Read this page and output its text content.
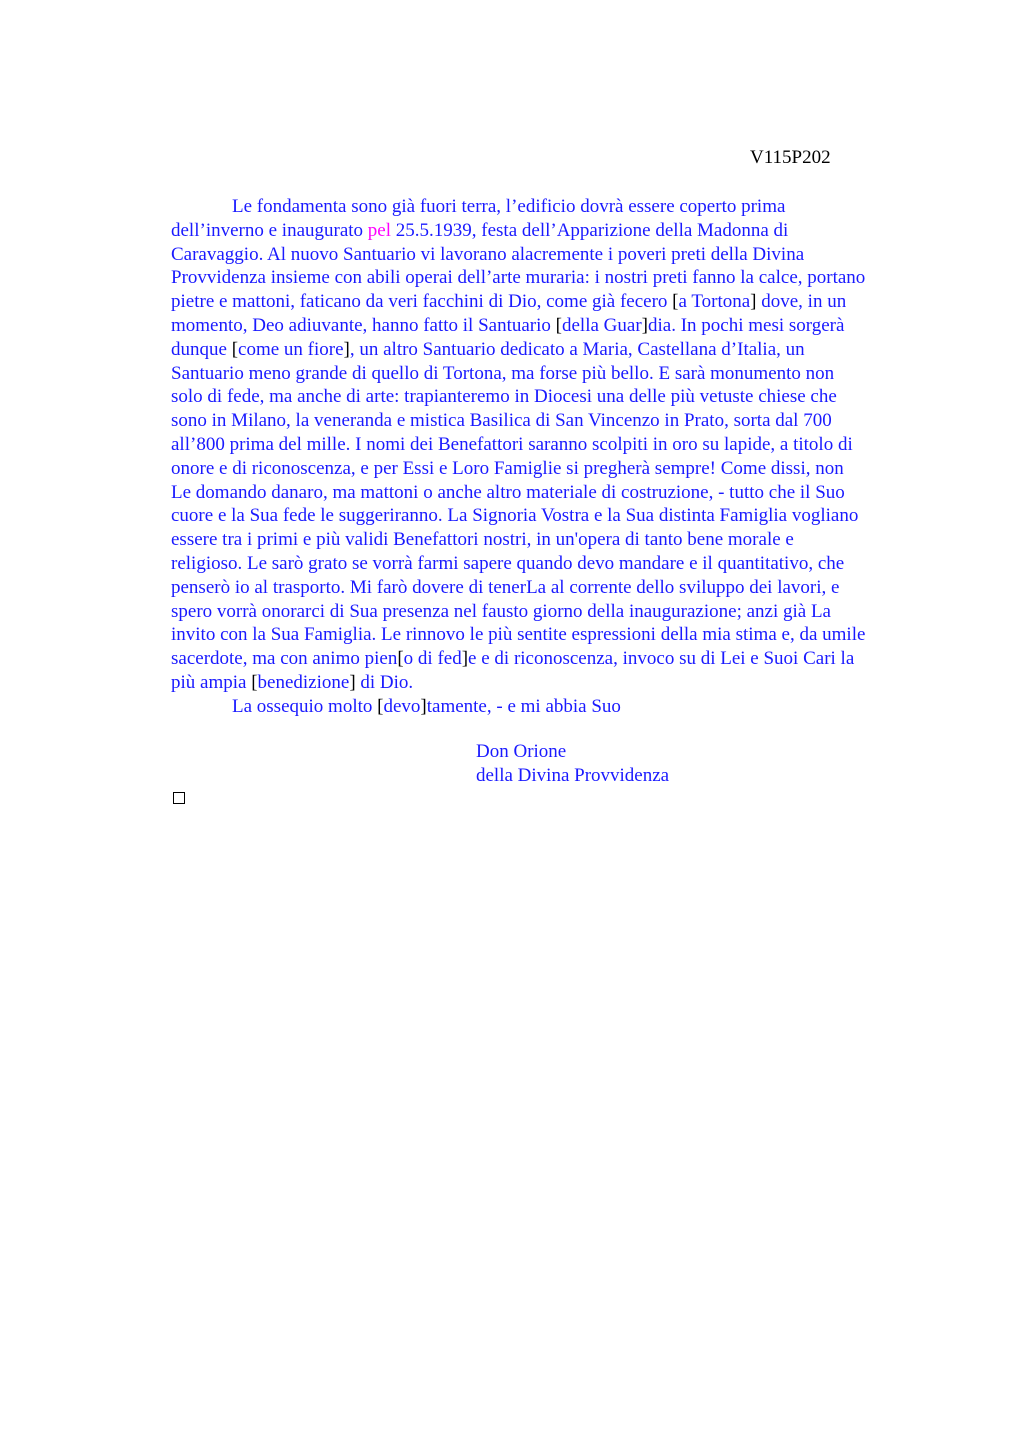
V115P202
Le fondamenta sono già fuori terra, l’edificio dovrà essere coperto prima
dell’inverno e inaugurato pel 25.5.1939, festa dell’Apparizione della Madonna di
Caravaggio. Al nuovo Santuario vi lavorano alacremente i poveri preti della Divina
Provvidenza insieme con abili operai dell’arte muraria: i nostri preti fanno la calce, portano
pietre e mattoni, faticano da veri facchini di Dio, come già fecero [a Tortona] dove, in un
momento, Deo adiuvante, hanno fatto il Santuario [della Guar]dia. In pochi mesi sorgerà
dunque [come un fiore], un altro Santuario dedicato a Maria, Castellana d’Italia, un
Santuario meno grande di quello di Tortona, ma forse più bello. E sarà monumento non
solo di fede, ma anche di arte: trapianteremo in Diocesi una delle più vetuste chiese che
sono in Milano, la veneranda e mistica Basilica di San Vincenzo in Prato, sorta dal 700
all’800 prima del mille. I nomi dei Benefattori saranno scolpiti in oro su lapide, a titolo di
onore e di riconoscenza, e per Essi e Loro Famiglie si pregherà sempre! Come dissi, non
Le domando danaro, ma mattoni o anche altro materiale di costruzione, - tutto che il Suo
cuore e la Sua fede le suggeriranno. La Signoria Vostra e la Sua distinta Famiglia vogliano
essere tra i primi e più validi Benefattori nostri, in un'opera di tanto bene morale e
religioso. Le sarò grato se vorrà farmi sapere quando devo mandare e il quantitativo, che
penserò io al trasporto. Mi farò dovere di tenerLa al corrente dello sviluppo dei lavori, e
spero vorrà onorarci di Sua presenza nel fausto giorno della inaugurazione; anzi già La
invito con la Sua Famiglia. Le rinnovo le più sentite espressioni della mia stima e, da umile
sacerdote, ma con animo pien[o di fed]e e di riconoscenza, invoco su di Lei e Suoi Cari la
più ampia [benedizione] di Dio.
La ossequio molto [devo]tamente, - e mi abbia Suo
Don Orione
della Divina Provvidenza
